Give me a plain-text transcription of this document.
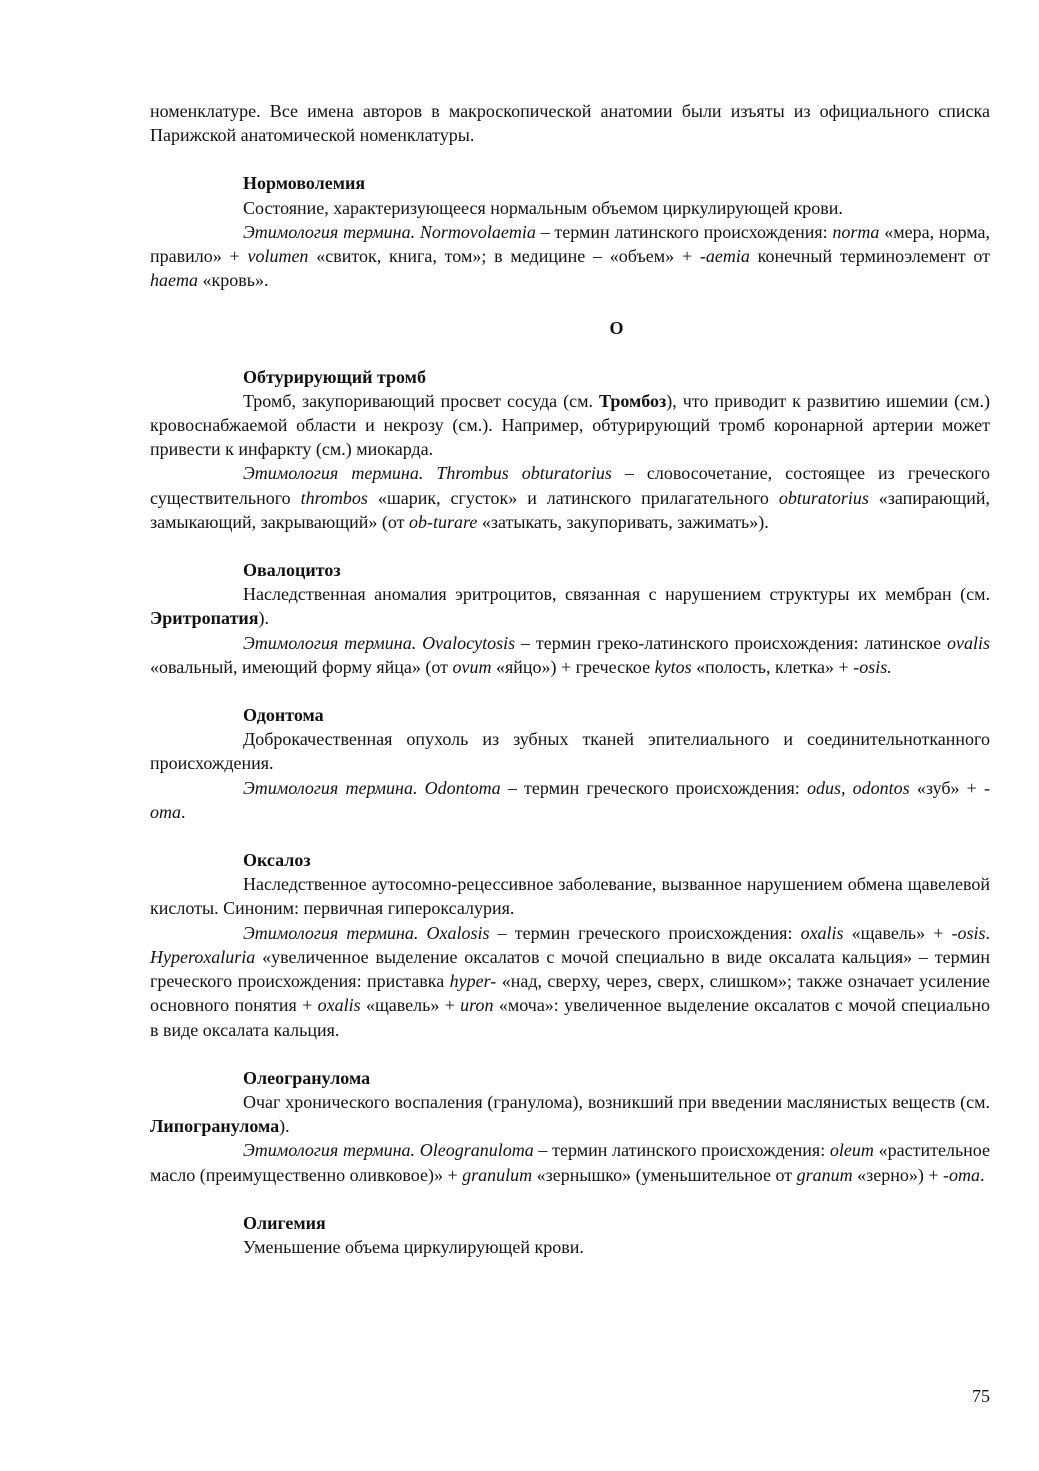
номенклатуре. Все имена авторов в макроскопической анатомии были изъяты из официального списка Парижской анатомической номенклатуры.

Нормоволемия

Состояние, характеризующееся нормальным объемом циркулирующей крови.

Этимология термина. Normovolaemia – термин латинского происхождения: norma «мера, норма, правило» + volumen «свиток, книга, том»; в медицине – «объем» + -aemia конечный терминоэлемент от haema «кровь».

О

Обтурирующий тромб

Тромб, закупоривающий просвет сосуда (см. Тромбоз), что приводит к развитию ишемии (см.) кровоснабжаемой области и некрозу (см.). Например, обтурирующий тромб коронарной артерии может привести к инфаркту (см.) миокарда.

Этимология термина. Thrombus obturatorius – словосочетание, состоящее из греческого существительного thrombos «шарик, сгусток» и латинского прилагательного obturatorius «запирающий, замыкающий, закрывающий» (от ob-turare «затыкать, закупоривать, зажимать»).

Овалоцитоз

Наследственная аномалия эритроцитов, связанная с нарушением структуры их мембран (см. Эритропатия).

Этимология термина. Ovalocytosis – термин греко-латинского происхождения: латинское ovalis «овальный, имеющий форму яйца» (от ovum «яйцо») + греческое kytos «полость, клетка» + -osis.

Одонтома

Доброкачественная опухоль из зубных тканей эпителиального и соединительнотканного происхождения.

Этимология термина. Odontoma – термин греческого происхождения: odus, odontos «зуб» + -oma.

Оксалоз

Наследственное аутосомно-рецессивное заболевание, вызванное нарушением обмена щавелевой кислоты. Синоним: первичная гипероксалурия.

Этимология термина. Oxalosis – термин греческого происхождения: oxalis «щавель» + -osis. Hyperoxaluria «увеличенное выделение оксалатов с мочой специально в виде оксалата кальция» – термин греческого происхождения: приставка hyper- «над, сверху, через, сверх, слишком»; также означает усиление основного понятия + oxalis «щавель» + uron «моча»: увеличенное выделение оксалатов с мочой специально в виде оксалата кальция.

Олеогранулома

Очаг хронического воспаления (гранулома), возникший при введении маслянистых веществ (см. Липогранулома).

Этимология термина. Oleogranuloma – термин латинского происхождения: oleum «растительное масло (преимущественно оливковое)» + granulum «зернышко» (уменьшительное от granum «зерно») + -oma.

Олигемия

Уменьшение объема циркулирующей крови.

75
